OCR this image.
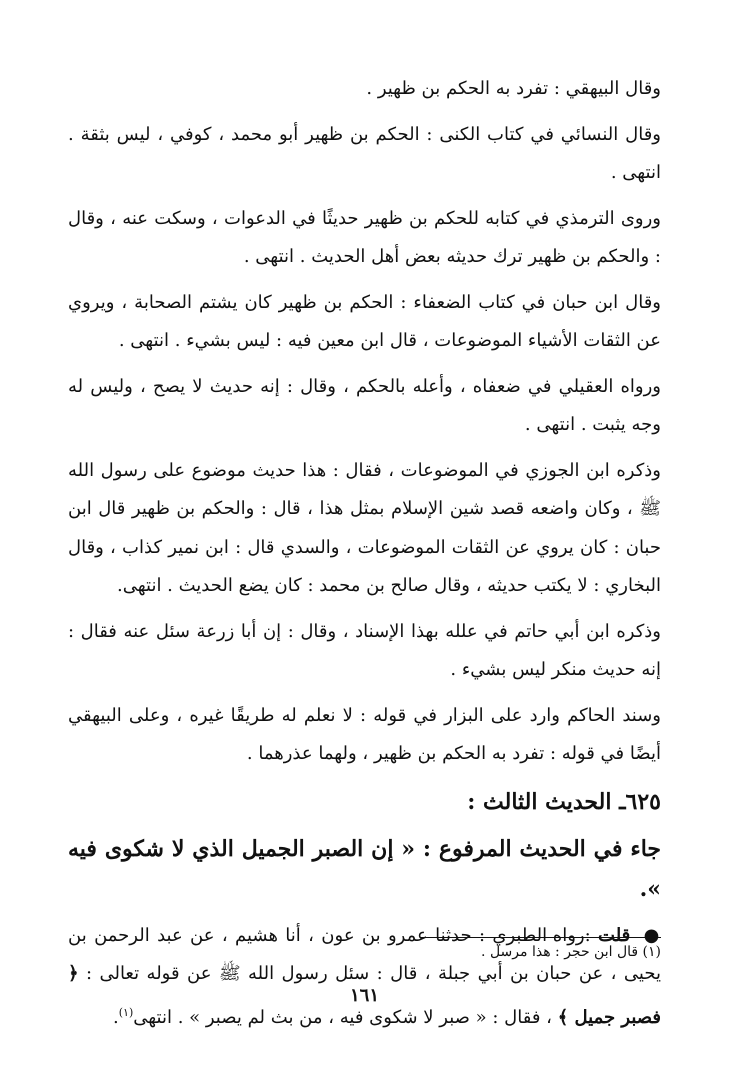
وقال البيهقي : تفرد به الحكم بن ظهير .

وقال النسائي في كتاب الكنى : الحكم بن ظهير أبو محمد ، كوفي ، ليس بثقة . انتهى .

وروى الترمذي في كتابه للحكم بن ظهير حديثًا في الدعوات ، وسكت عنه ، وقال : والحكم بن ظهير ترك حديثه بعض أهل الحديث . انتهى .

وقال ابن حبان في كتاب الضعفاء : الحكم بن ظهير كان يشتم الصحابة ، ويروي عن الثقات الأشياء الموضوعات ، قال ابن معين فيه : ليس بشيء . انتهى .

ورواه العقيلي في ضعفاه ، وأعله بالحكم ، وقال : إنه حديث لا يصح ، وليس له وجه يثبت . انتهى .

وذكره ابن الجوزي في الموضوعات ، فقال : هذا حديث موضوع على رسول الله ﷺ ، وكان واضعه قصد شين الإسلام بمثل هذا ، قال : والحكم بن ظهير قال ابن حبان : كان يروي عن الثقات الموضوعات ، والسدي قال : ابن نمير كذاب ، وقال البخاري : لا يكتب حديثه ، وقال صالح بن محمد : كان يضع الحديث . انتهى.

وذكره ابن أبي حاتم في علله بهذا الإسناد ، وقال : إن أبا زرعة سئل عنه فقال : إنه حديث منكر ليس بشيء .

وسند الحاكم وارد على البزار في قوله : لا نعلم له طريقًا غيره ، وعلى البيهقي أيضًا في قوله : تفرد به الحكم بن ظهير ، ولهما عذرهما .

٦٢٥ـ الحديث الثالث :
جاء في الحديث المرفوع : « إن الصبر الجميل الذي لا شكوى فيه ».

● قلت :رواه الطبري : حدثنا عمرو بن عون ، أنا هشيم ، عن عبد الرحمن بن يحيى ، عن حبان بن أبي جبلة ، قال : سئل رسول الله ﷺ عن قوله تعالى : ﴿ فصبر جميل ﴾ ، فقال : « صبر لا شكوى فيه ، من بث لم يصبر » . انتهى$^{(١)}$.

(١) قال ابن حجر : هذا مرسل .
١٦١
